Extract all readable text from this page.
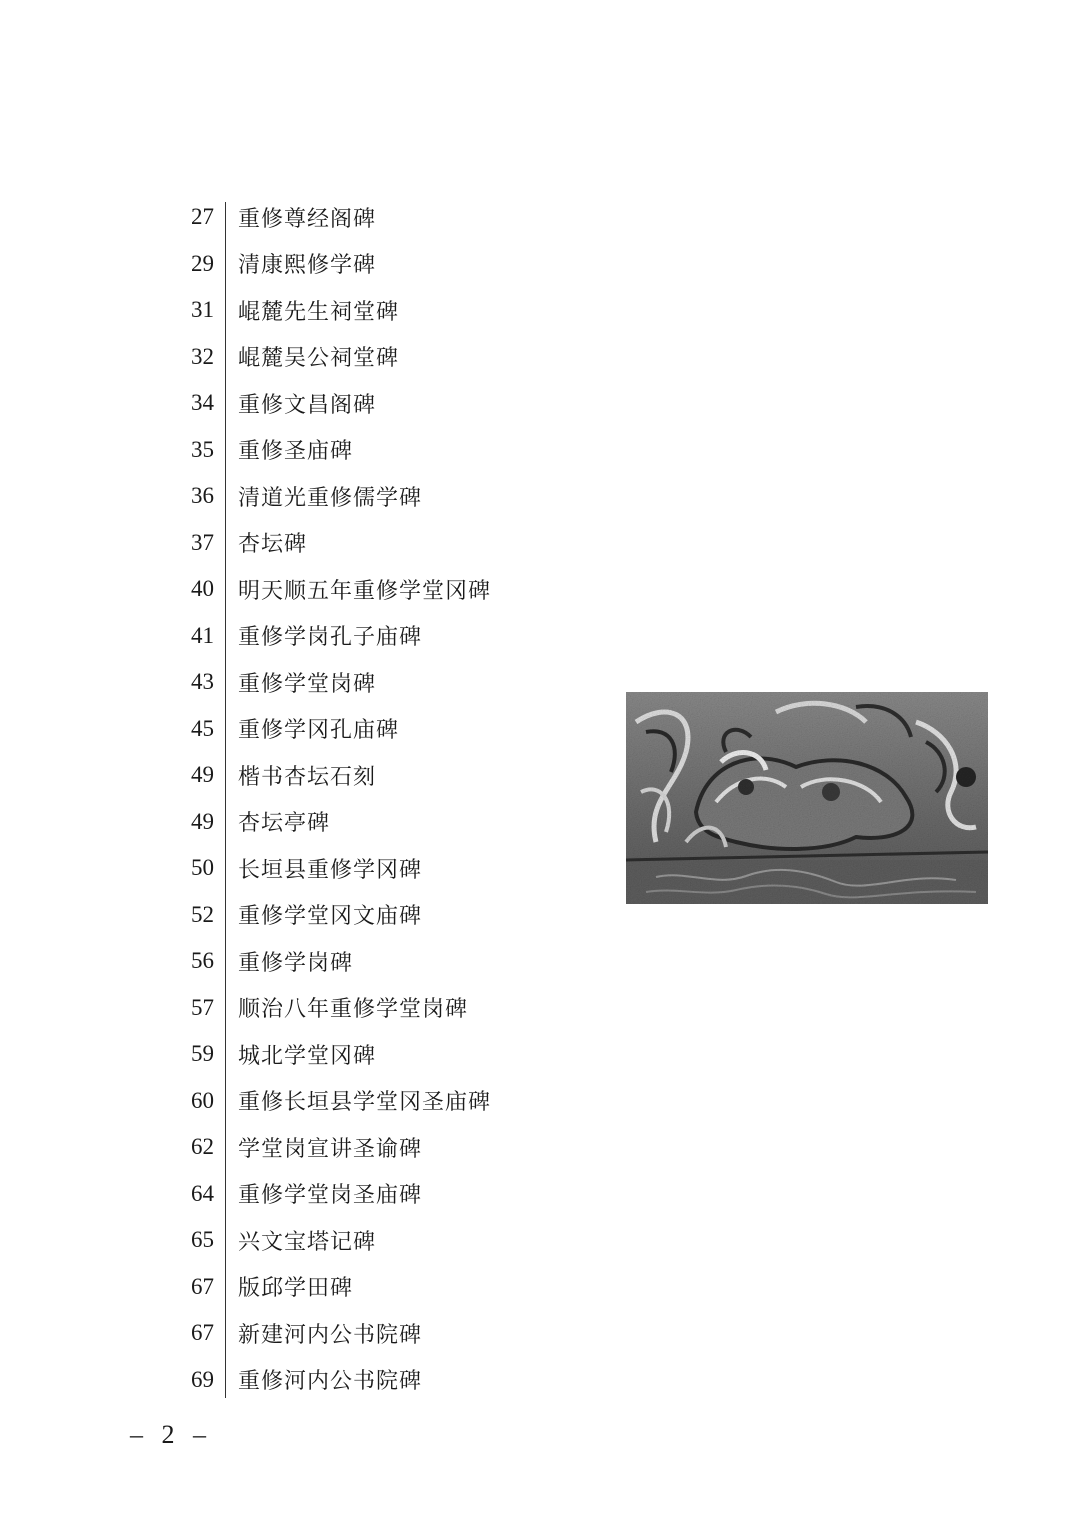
27 重修尊经阁碑
29 清康熙修学碑
31 崐麓先生祠堂碑
32 崐麓吴公祠堂碑
34 重修文昌阁碑
35 重修圣庙碑
36 清道光重修儒学碑
37 杏坛碑
40 明天顺五年重修学堂冈碑
41 重修学岗孔子庙碑
43 重修学堂岗碑
45 重修学冈孔庙碑
49 楷书杏坛石刻
49 杏坛亭碑
50 长垣县重修学冈碑
52 重修学堂冈文庙碑
56 重修学岗碑
57 顺治八年重修学堂岗碑
59 城北学堂冈碑
60 重修长垣县学堂冈圣庙碑
62 学堂岗宣讲圣谕碑
64 重修学堂岗圣庙碑
65 兴文宝塔记碑
67 版邱学田碑
67 新建河内公书院碑
69 重修河内公书院碑
– 2 –
